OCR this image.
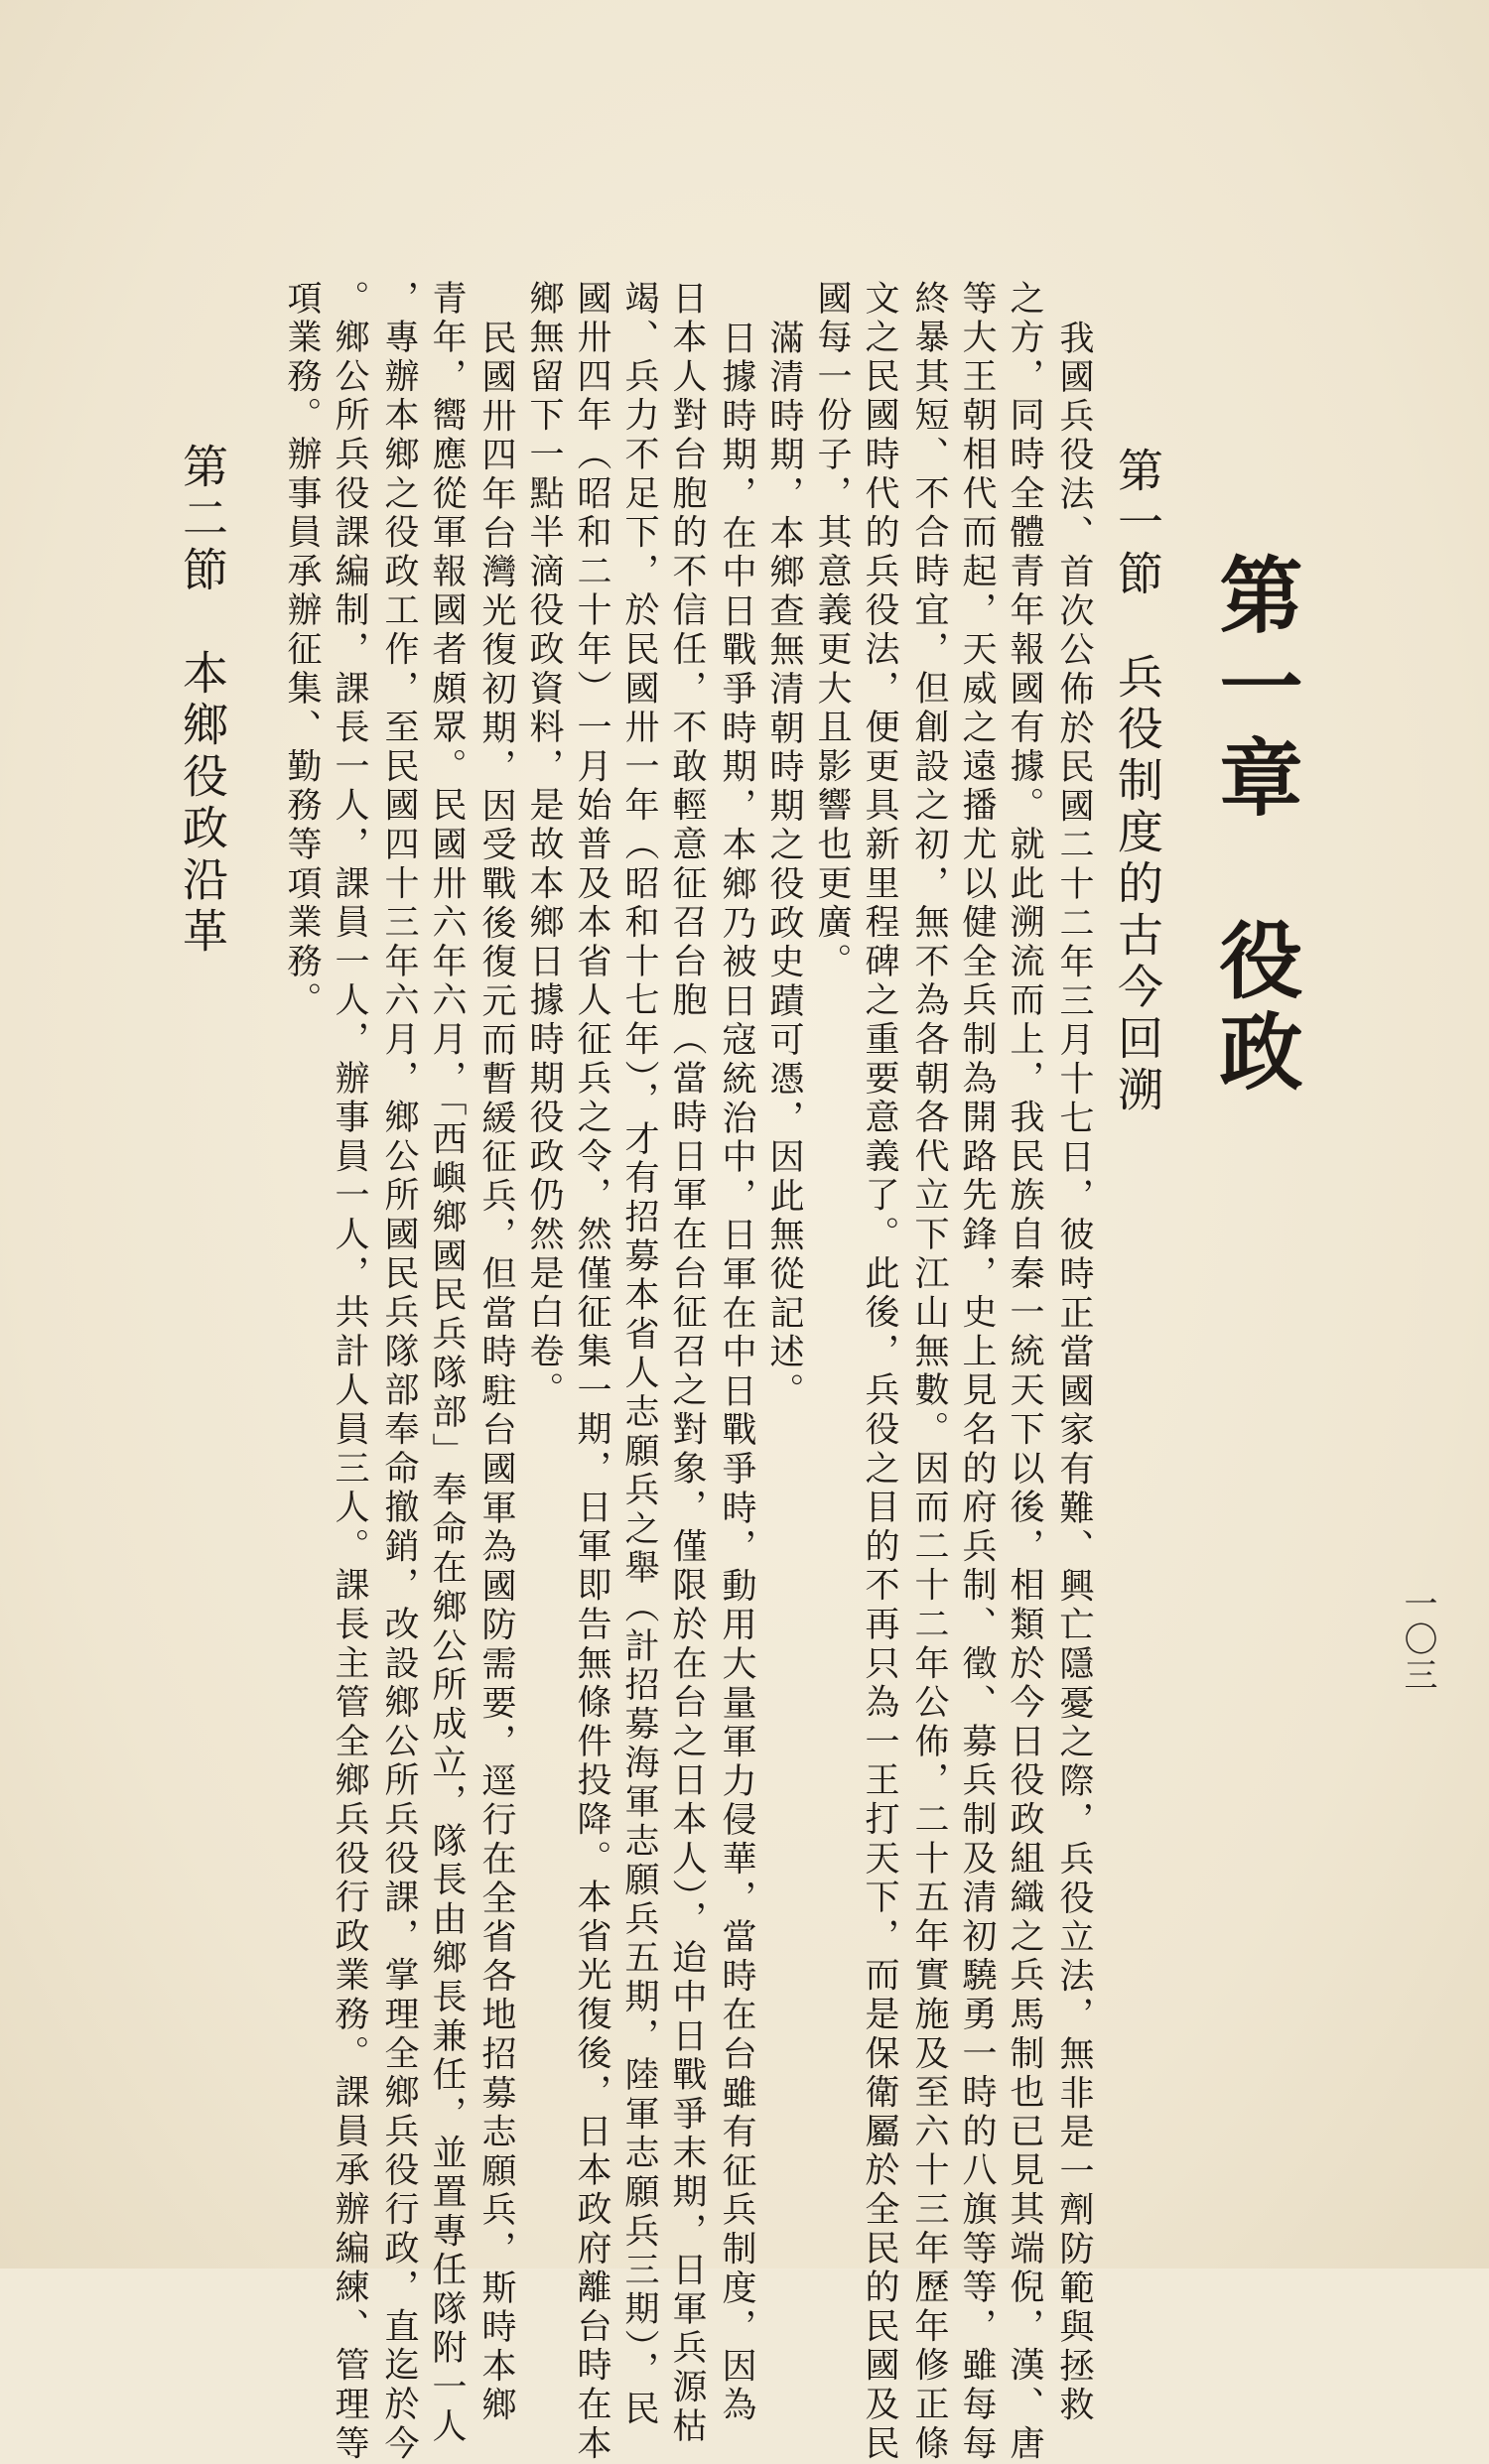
第一章　役政
第一節　兵役制度的古今回溯
我國兵役法、首次公佈於民國二十二年三月十七日，彼時正當國家有難、興亡隱憂之際，兵役立法，無非是一劑防範與拯救
之方，同時全體青年報國有據。就此溯流而上，我民族自秦一統天下以後，相類於今日役政組織之兵馬制也已見其端倪，漢、唐
等大王朝相代而起，天威之遠播尤以健全兵制為開路先鋒，史上見名的府兵制、徵、募兵制及清初驍勇一時的八旗等等，雖每每
終暴其短、不合時宜，但創設之初，無不為各朝各代立下江山無數。因而二十二年公佈，二十五年實施及至六十三年歷年修正條
文之民國時代的兵役法，便更具新里程碑之重要意義了。此後，兵役之目的不再只為一王打天下，而是保衛屬於全民的民國及民
國每一份子，其意義更大且影響也更廣。
滿清時期，本鄉查無清朝時期之役政史蹟可憑，因此無從記述。
日據時期，在中日戰爭時期，本鄉乃被日寇統治中，日軍在中日戰爭時，動用大量軍力侵華，當時在台雖有征兵制度，因為
日本人對台胞的不信任，不敢輕意征召台胞（當時日軍在台征召之對象，僅限於在台之日本人），迨中日戰爭末期，日軍兵源枯
竭、兵力不足下，於民國卅一年（昭和十七年），才有招募本省人志願兵之舉（計招募海軍志願兵五期，陸軍志願兵三期），民
國卅四年（昭和二十年）一月始普及本省人征兵之令，然僅征集一期，日軍即告無條件投降。本省光復後，日本政府離台時在本
鄉無留下一點半滴役政資料，是故本鄉日據時期役政仍然是白卷。
民國卅四年台灣光復初期，因受戰後復元而暫緩征兵，但當時駐台國軍為國防需要，逕行在全省各地招募志願兵，斯時本鄉
青年，嚮應從軍報國者頗眾。民國卅六年六月，「西嶼鄉國民兵隊部」奉命在鄉公所成立，隊長由鄉長兼任，並置專任隊附一人
，專辦本鄉之役政工作，至民國四十三年六月，鄉公所國民兵隊部奉命撤銷，改設鄉公所兵役課，掌理全鄉兵役行政，直迄於今
。鄉公所兵役課編制，課長一人，課員一人，辦事員一人，共計人員三人。課長主管全鄉兵役行政業務。課員承辦編練、管理等
項業務。辦事員承辦征集、勤務等項業務。
第二節　本鄉役政沿革
一〇三
